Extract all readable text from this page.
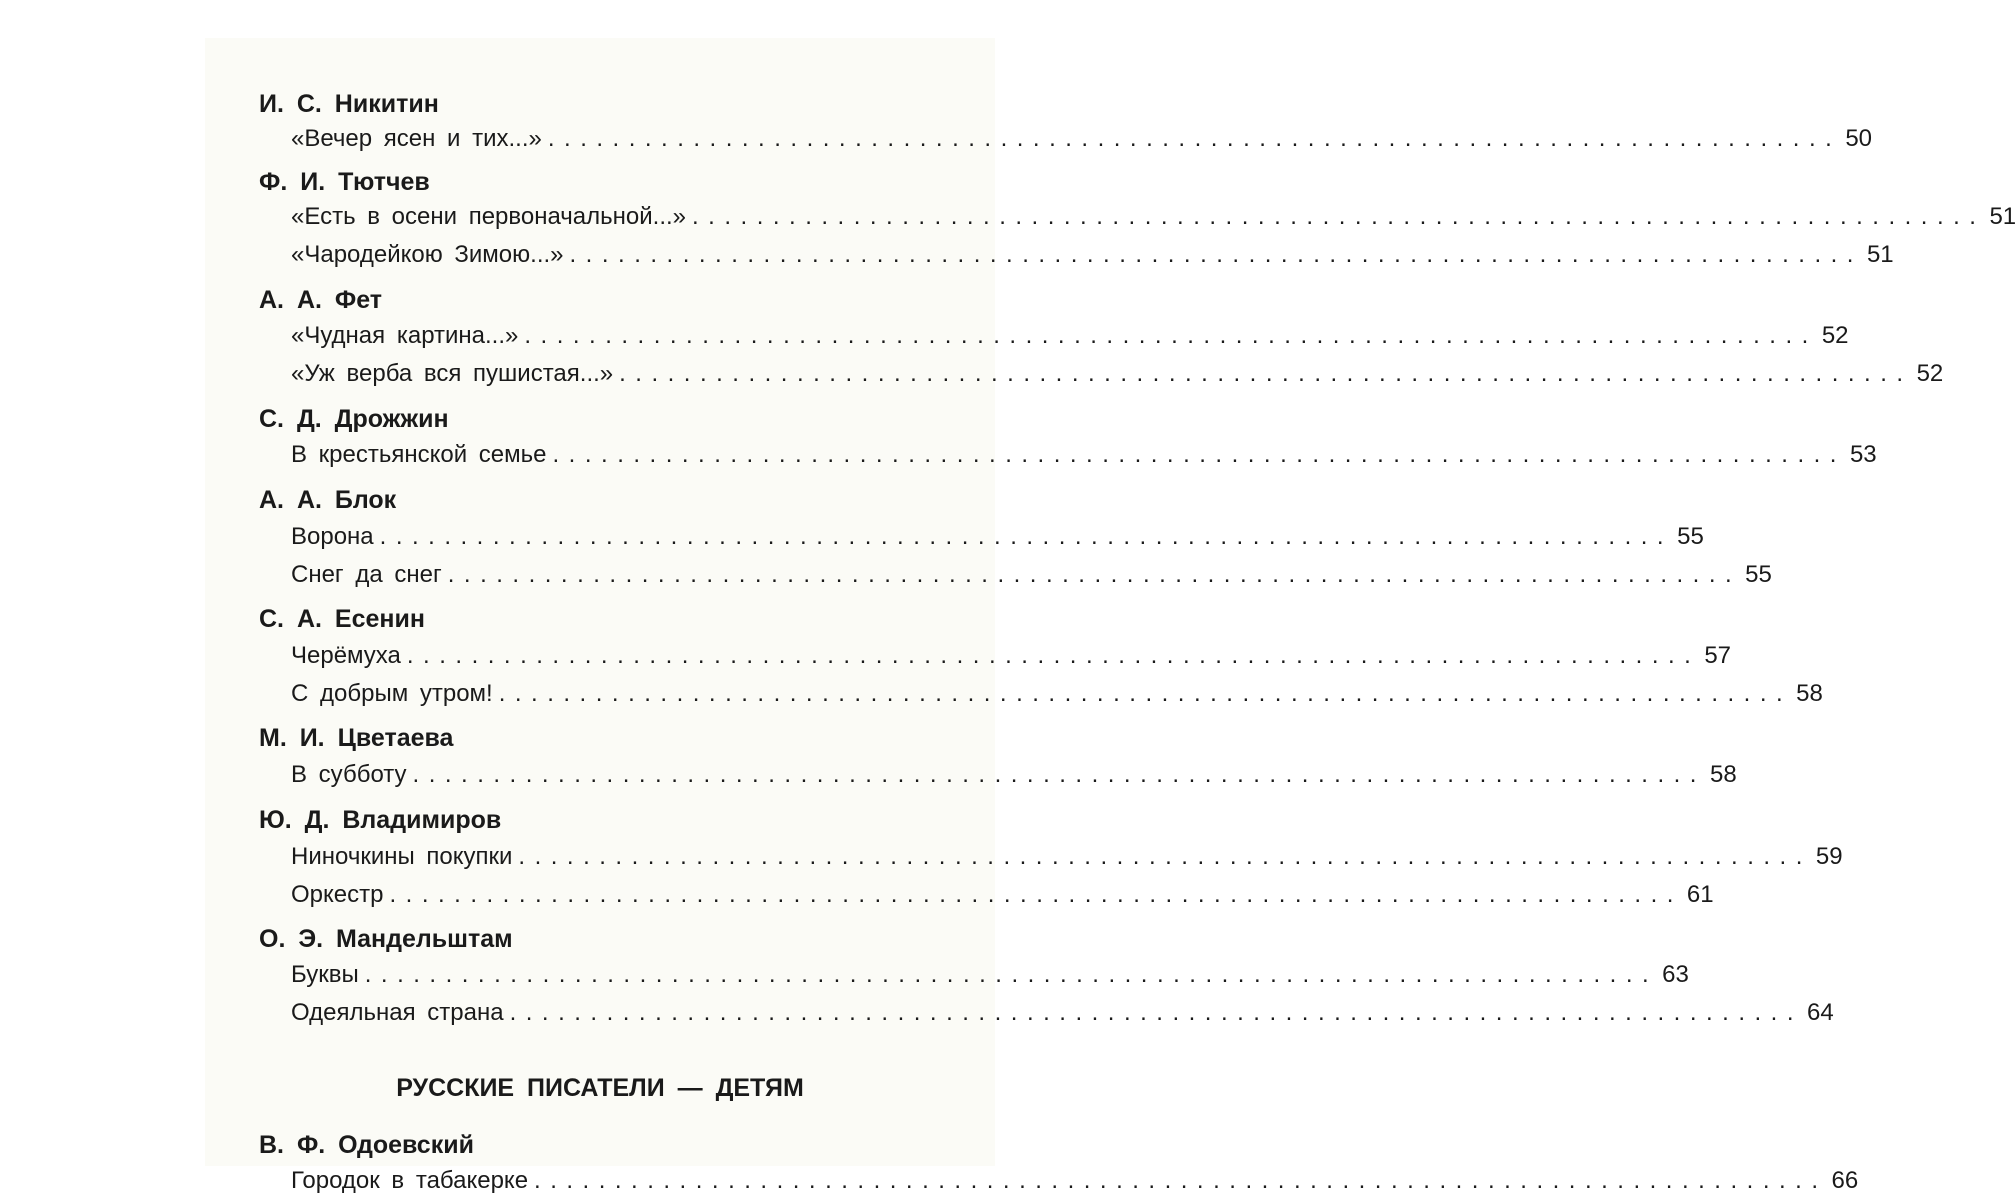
И. С. Никитин
«Вечер ясен и тих...» ................................................................................ 50
Ф. И. Тютчев
«Есть в осени первоначальной...» ................................................................................ 51
«Чародейкою Зимою...» ................................................................................ 51
А. А. Фет
«Чудная картина...» ................................................................................ 52
«Уж верба вся пушистая...» ................................................................................ 52
С. Д. Дрожжин
В крестьянской семье ................................................................................ 53
А. А. Блок
Ворона ................................................................................ 55
Снег да снег ................................................................................ 55
С. А. Есенин
Черёмуха ................................................................................ 57
С добрым утром! ................................................................................ 58
М. И. Цветаева
В субботу ................................................................................ 58
Ю. Д. Владимиров
Ниночкины покупки ................................................................................ 59
Оркестр ................................................................................ 61
О. Э. Мандельштам
Буквы ................................................................................ 63
Одеяльная страна ................................................................................ 64
РУССКИЕ ПИСАТЕЛИ — ДЕТЯМ
В. Ф. Одоевский
Городок в табакерке ................................................................................ 66
